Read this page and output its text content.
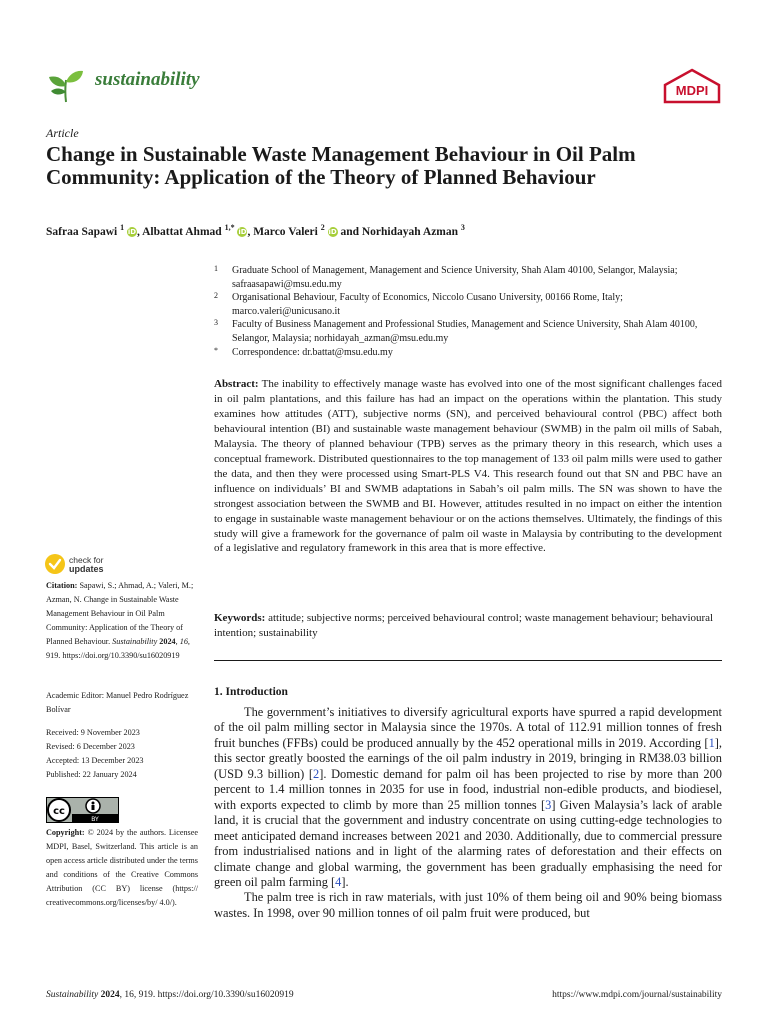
sustainability
MDPI
Article
Change in Sustainable Waste Management Behaviour in Oil Palm Community: Application of the Theory of Planned Behaviour
Safraa Sapawi $^1$ iD, Albattat Ahmad $^{1,*}$ iD, Marco Valeri $^2$ iD and Norhidayah Azman $^3$
1 Graduate School of Management, Management and Science University, Shah Alam 40100, Selangor, Malaysia; safraasapawi@msu.edu.my
2 Organisational Behaviour, Faculty of Economics, Niccolo Cusano University, 00166 Rome, Italy; marco.valeri@unicusano.it
3 Faculty of Business Management and Professional Studies, Management and Science University, Shah Alam 40100, Selangor, Malaysia; norhidayah_azman@msu.edu.my
* Correspondence: dr.battat@msu.edu.my

Abstract: The inability to effectively manage waste has evolved into one of the most significant challenges faced in oil palm plantations, and this failure has had an impact on the operations within the plantation. This study examines how attitudes (ATT), subjective norms (SN), and perceived behavioural control (PBC) affect both behavioural intention (BI) and sustainable waste management behaviour (SWMB) in the palm oil mills of Sabah, Malaysia. The theory of planned behaviour (TPB) serves as the primary theory in this research, which uses a conceptual framework. Distributed questionnaires to the top management of 133 oil palm mills were used to gather the data, and then they were processed using Smart-PLS V4. This research found out that SN and PBC have an influence on individuals’ BI and SWMB adaptations in Sabah’s oil palm mills. The SN was shown to have the strongest association between the SWMB and BI. However, attitudes resulted in no impact on either the intention to engage in sustainable waste management behaviour or on the actions themselves. Ultimately, the findings of this study will give a framework for the governance of palm oil waste in Malaysia by contributing to the development of a legislative and regulatory framework in this area that is more effective.

Keywords: attitude; subjective norms; perceived behavioural control; waste management behaviour; behavioural intention; sustainability

check for
updates

Citation: Sapawi, S.; Ahmad, A.; Valeri, M.; Azman, N. Change in Sustainable Waste Management Behaviour in Oil Palm Community: Application of the Theory of Planned Behaviour. Sustainability 2024, 16, 919. https://doi.org/10.3390/su16020919

Academic Editor: Manuel Pedro Rodríguez Bolívar

Received: 9 November 2023

Revised: 6 December 2023

Accepted: 13 December 2023

Published: 22 January 2024

cc
BY

Copyright: © 2024 by the authors. Licensee MDPI, Basel, Switzerland. This article is an open access article distributed under the terms and conditions of the Creative Commons Attribution (CC BY) license (https:// creativecommons.org/licenses/by/ 4.0/).

1. Introduction

The government’s initiatives to diversify agricultural exports have spurred a rapid development of the oil palm milling sector in Malaysia since the 1970s. A total of 112.91 million tonnes of fresh fruit bunches (FFBs) could be produced annually by the 452 operational mills in 2019. According [1], this sector greatly boosted the earnings of the oil palm industry in 2019, bringing in RM38.03 billion (USD 9.3 billion) [2]. Domestic demand for palm oil has been projected to rise by more than 200 percent to 1.4 million tonnes in 2035 for use in food, industrial non-edible products, and biodiesel, with exports expected to climb by more than 25 million tonnes [3] Given Malaysia’s lack of arable land, it is crucial that the government and industry concentrate on using cutting-edge technologies to meet anticipated demand increases between 2021 and 2030. Additionally, due to commercial pressure from industrialised nations and in light of the alarming rates of deforestation and their effects on climate change and global warming, the government has been gradually emphasising the need for green oil palm farming [4].

The palm tree is rich in raw materials, with just 10% of them being oil and 90% being biomass wastes. In 1998, over 90 million tonnes of oil palm fruit were produced, but

Sustainability 2024, 16, 919. https://doi.org/10.3390/su16020919	https://www.mdpi.com/journal/sustainability
